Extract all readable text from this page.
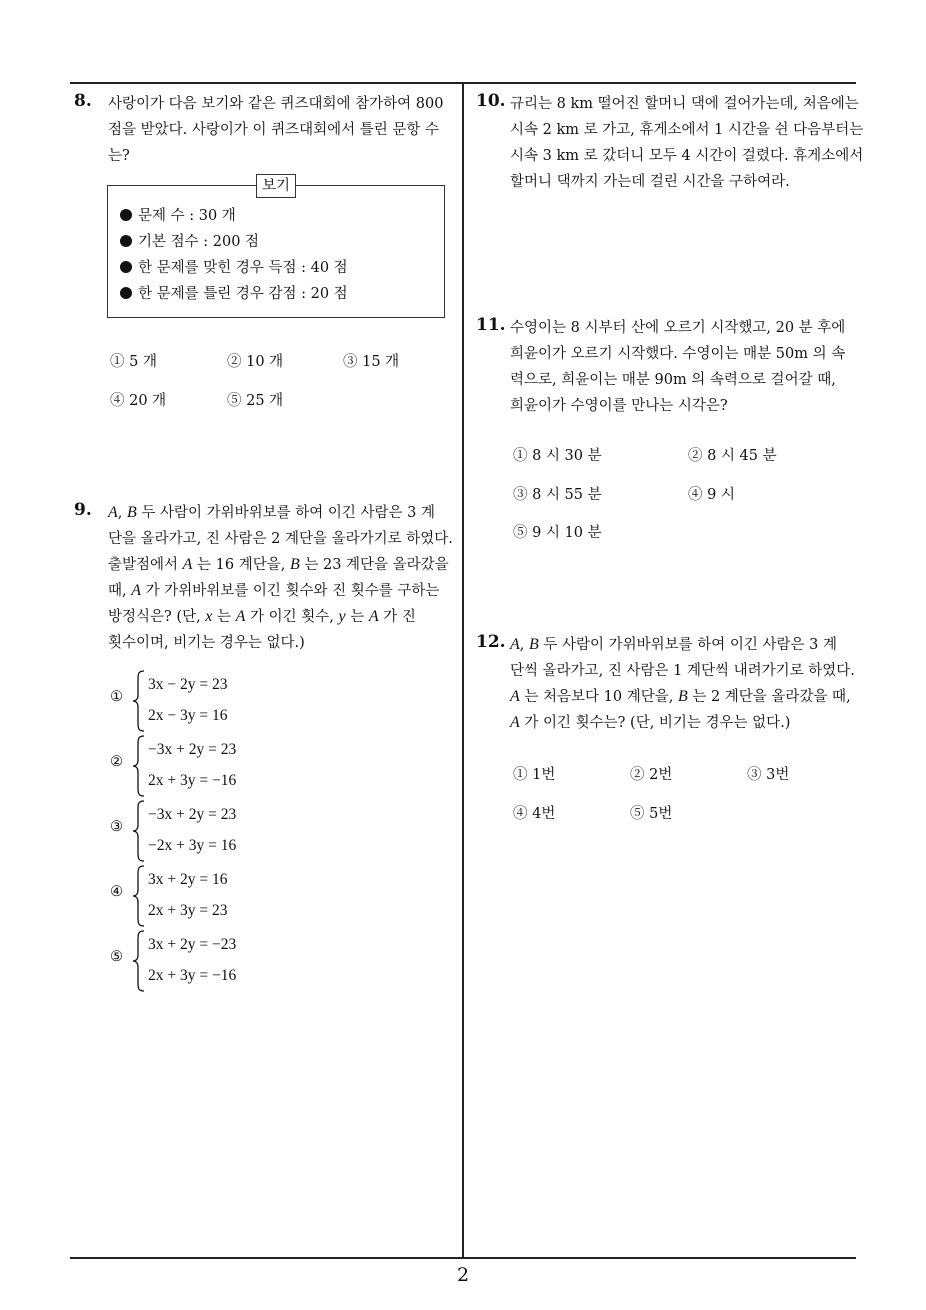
8. 사랑이가 다음 보기와 같은 퀴즈대회에 참가하여 800
점을 받았다. 사랑이가 이 퀴즈대회에서 틀린 문항 수
는?
보기
문제 수 : 30 개
기본 점수 : 200 점
한 문제를 맞힌 경우 득점 : 40 점
한 문제를 틀린 경우 감점 : 20 점
① 5 개	② 10 개	③ 15 개
④ 20 개	⑤ 25 개
9. A, B 두 사람이 가위바위보를 하여 이긴 사람은 3 계
단을 올라가고, 진 사람은 2 계단을 올라가기로 하였다.
출발점에서 A 는 16 계단을, B 는 23 계단을 올라갔을
때, A 가 가위바위보를 이긴 횟수와 진 횟수를 구하는
방정식은? (단, x 는 A 가 이긴 횟수, y 는 A 가 진
횟수이며, 비기는 경우는 없다.)
①
3x − 2y = 23
2x − 3y = 16
②
−3x + 2y = 23
2x + 3y = −16
③
−3x + 2y = 23
−2x + 3y = 16
④
3x + 2y = 16
2x + 3y = 23
⑤
3x + 2y = −23
2x + 3y = −16
10. 규리는 8 km 떨어진 할머니 댁에 걸어가는데, 처음에는
시속 2 km 로 가고, 휴게소에서 1 시간을 쉰 다음부터는
시속 3 km 로 갔더니 모두 4 시간이 걸렸다. 휴게소에서
할머니 댁까지 가는데 걸린 시간을 구하여라.
11. 수영이는 8 시부터 산에 오르기 시작했고, 20 분 후에
희윤이가 오르기 시작했다. 수영이는 매분 50m 의 속
력으로, 희윤이는 매분 90m 의 속력으로 걸어갈 때,
희윤이가 수영이를 만나는 시각은?
① 8 시 30 분	② 8 시 45 분
③ 8 시 55 분	④ 9 시
⑤ 9 시 10 분
12. A, B 두 사람이 가위바위보를 하여 이긴 사람은 3 계
단씩 올라가고, 진 사람은 1 계단씩 내려가기로 하였다.
A 는 처음보다 10 계단을, B 는 2 계단을 올라갔을 때,
A 가 이긴 횟수는? (단, 비기는 경우는 없다.)
① 1번	② 2번	③ 3번
④ 4번	⑤ 5번
2
